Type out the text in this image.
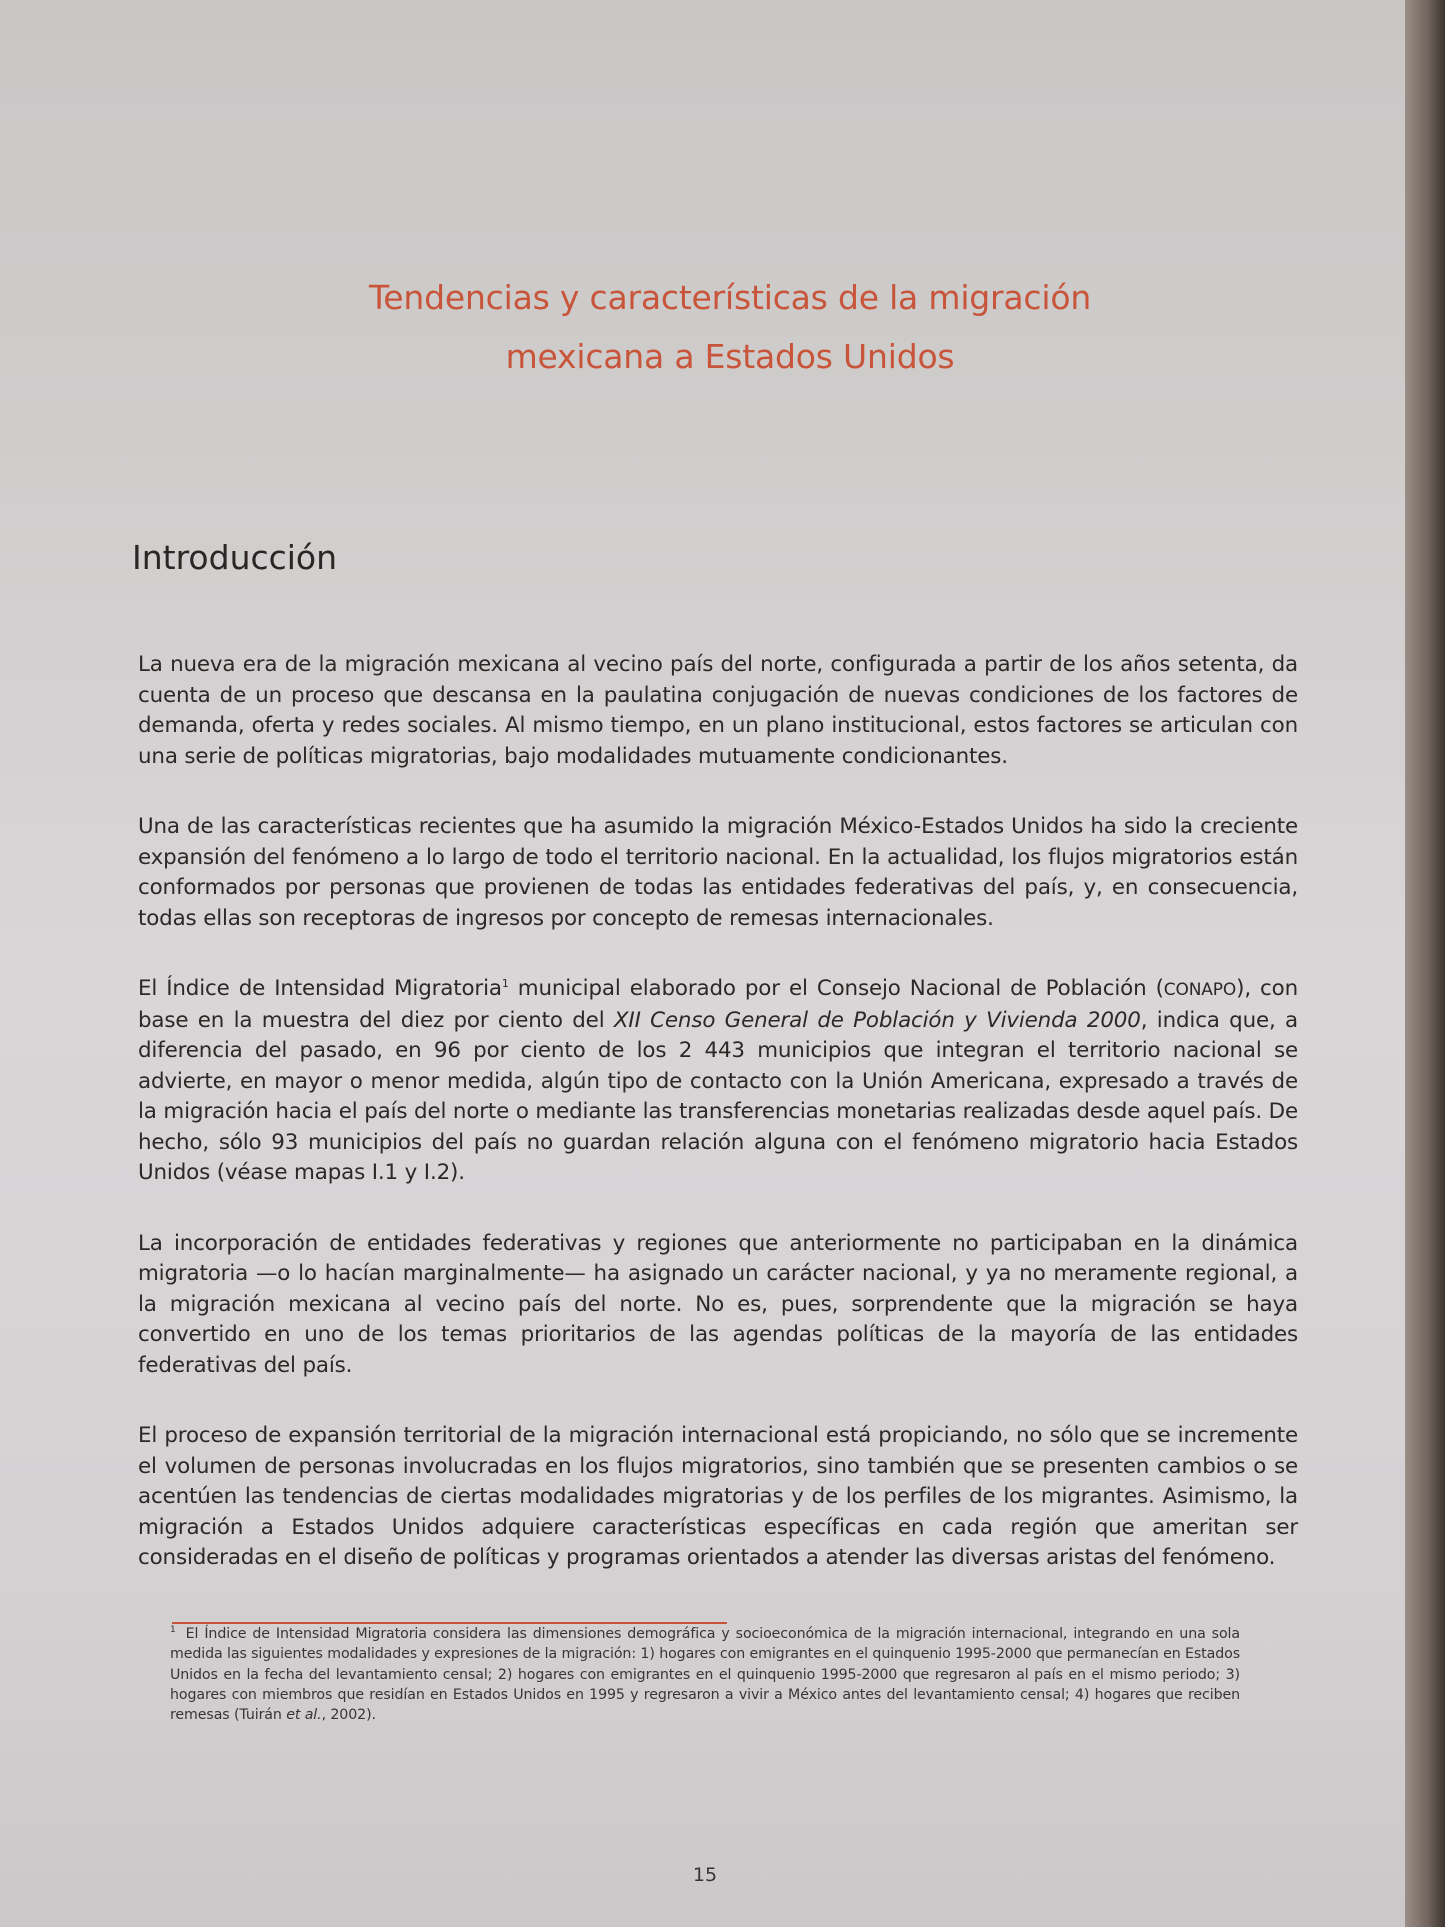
Tendencias y características de la migración
mexicana a Estados Unidos
Introducción

La nueva era de la migración mexicana al vecino país del norte, configurada a partir de los años setenta, da cuenta de un proceso que descansa en la paulatina conjugación de nuevas condiciones de los factores de demanda, oferta y redes sociales. Al mismo tiempo, en un plano institucional, estos factores se articulan con una serie de políticas migratorias, bajo modalidades mutuamente condicionantes.

Una de las características recientes que ha asumido la migración México-Estados Unidos ha sido la creciente expansión del fenómeno a lo largo de todo el territorio nacional. En la actualidad, los flujos migratorios están conformados por personas que provienen de todas las entidades federativas del país, y, en consecuencia, todas ellas son receptoras de ingresos por concepto de remesas internacionales.

El Índice de Intensidad Migratoria$^1$ municipal elaborado por el Consejo Nacional de Población (CONAPO), con base en la muestra del diez por ciento del XII Censo General de Población y Vivienda 2000, indica que, a diferencia del pasado, en 96 por ciento de los 2 443 municipios que integran el territorio nacional se advierte, en mayor o menor medida, algún tipo de contacto con la Unión Americana, expresado a través de la migración hacia el país del norte o mediante las transferencias monetarias realizadas desde aquel país. De hecho, sólo 93 municipios del país no guardan relación alguna con el fenómeno migratorio hacia Estados Unidos (véase mapas I.1 y I.2).

La incorporación de entidades federativas y regiones que anteriormente no participaban en la dinámica migratoria —o lo hacían marginalmente— ha asignado un carácter nacional, y ya no meramente regional, a la migración mexicana al vecino país del norte. No es, pues, sorprendente que la migración se haya convertido en uno de los temas prioritarios de las agendas políticas de la mayoría de las entidades federativas del país.

El proceso de expansión territorial de la migración internacional está propiciando, no sólo que se incremente el volumen de personas involucradas en los flujos migratorios, sino también que se presenten cambios o se acentúen las tendencias de ciertas modalidades migratorias y de los perfiles de los migrantes. Asimismo, la migración a Estados Unidos adquiere características específicas en cada región que ameritan ser consideradas en el diseño de políticas y programas orientados a atender las diversas aristas del fenómeno.

$^1$ El Índice de Intensidad Migratoria considera las dimensiones demográfica y socioeconómica de la migración internacional, integrando en una sola medida las siguientes modalidades y expresiones de la migración: 1) hogares con emigrantes en el quinquenio 1995-2000 que permanecían en Estados Unidos en la fecha del levantamiento censal; 2) hogares con emigrantes en el quinquenio 1995-2000 que regresaron al país en el mismo periodo; 3) hogares con miembros que residían en Estados Unidos en 1995 y regresaron a vivir a México antes del levantamiento censal; 4) hogares que reciben remesas (Tuirán et al., 2002).
15
